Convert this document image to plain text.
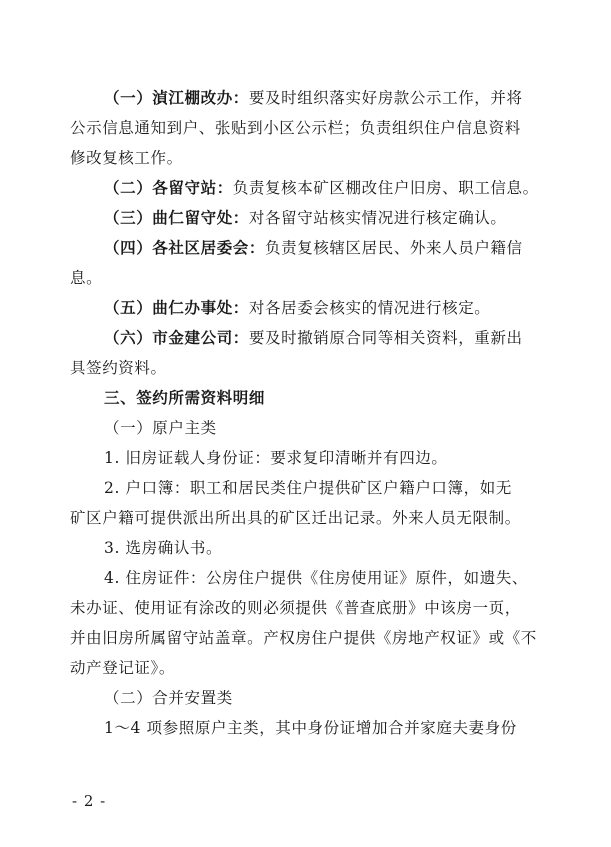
（一）湞江棚改办：要及时组织落实好房款公示工作，并将
公示信息通知到户、张贴到小区公示栏；负责组织住户信息资料
修改复核工作。
（二）各留守站：负责复核本矿区棚改住户旧房、职工信息。
（三）曲仁留守处：对各留守站核实情况进行核定确认。
（四）各社区居委会：负责复核辖区居民、外来人员户籍信
息。
（五）曲仁办事处：对各居委会核实的情况进行核定。
（六）市金建公司：要及时撤销原合同等相关资料，重新出
具签约资料。
三、签约所需资料明细
（一）原户主类
1. 旧房证载人身份证：要求复印清晰并有四边。
2. 户口簿：职工和居民类住户提供矿区户籍户口簿，如无
矿区户籍可提供派出所出具的矿区迁出记录。外来人员无限制。
3. 选房确认书。
4. 住房证件：公房住户提供《住房使用证》原件，如遗失、
未办证、使用证有涂改的则必须提供《普查底册》中该房一页，
并由旧房所属留守站盖章。产权房住户提供《房地产权证》或《不
动产登记证》。
（二）合并安置类
1～4 项参照原户主类，其中身份证增加合并家庭夫妻身份
- 2 -
